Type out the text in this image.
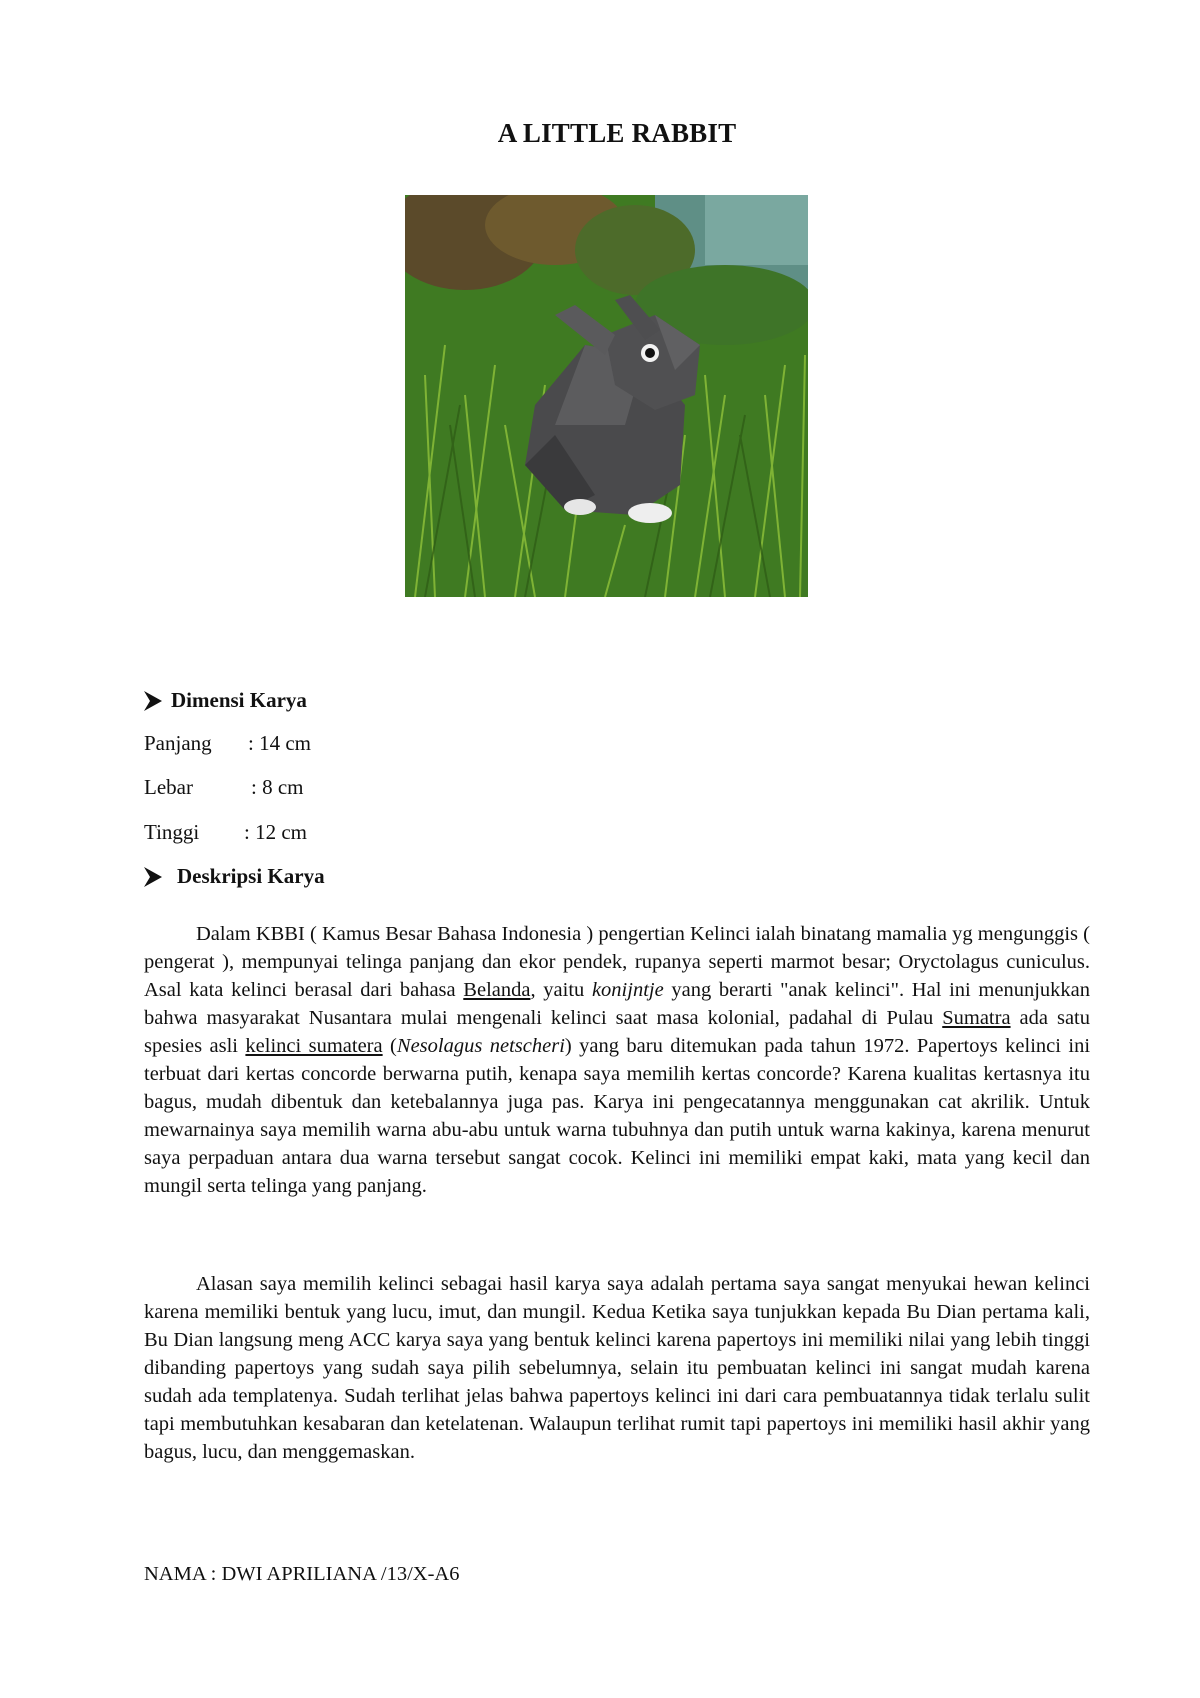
A LITTLE RABBIT
Dimensi Karya
Panjang : 14 cm
Lebar	: 8 cm
Tinggi : 12 cm
Deskripsi Karya

Dalam KBBI ( Kamus Besar Bahasa Indonesia ) pengertian Kelinci ialah binatang mamalia yg mengunggis ( pengerat ), mempunyai telinga panjang dan ekor pendek, rupanya seperti marmot besar; Oryctolagus cuniculus. Asal kata kelinci berasal dari bahasa Belanda, yaitu konijntje yang berarti "anak kelinci". Hal ini menunjukkan bahwa masyarakat Nusantara mulai mengenali kelinci saat masa kolonial, padahal di Pulau Sumatra ada satu spesies asli kelinci sumatera (Nesolagus netscheri) yang baru ditemukan pada tahun 1972. Papertoys kelinci ini terbuat dari kertas concorde berwarna putih, kenapa saya memilih kertas concorde? Karena kualitas kertasnya itu bagus, mudah dibentuk dan ketebalannya juga pas. Karya ini pengecatannya menggunakan cat akrilik. Untuk mewarnainya saya memilih warna abu-abu untuk warna tubuhnya dan putih untuk warna kakinya, karena menurut saya perpaduan antara dua warna tersebut sangat cocok. Kelinci ini memiliki empat kaki, mata yang kecil dan mungil serta telinga yang panjang.

Alasan saya memilih kelinci sebagai hasil karya saya adalah pertama saya sangat menyukai hewan kelinci karena memiliki bentuk yang lucu, imut, dan mungil. Kedua Ketika saya tunjukkan kepada Bu Dian pertama kali, Bu Dian langsung meng ACC karya saya yang bentuk kelinci karena papertoys ini memiliki nilai yang lebih tinggi dibanding papertoys yang sudah saya pilih sebelumnya, selain itu pembuatan kelinci ini sangat mudah karena sudah ada templatenya. Sudah terlihat jelas bahwa papertoys kelinci ini dari cara pembuatannya tidak terlalu sulit tapi membutuhkan kesabaran dan ketelatenan. Walaupun terlihat rumit tapi papertoys ini memiliki hasil akhir yang bagus, lucu, dan menggemaskan.

NAMA : DWI APRILIANA /13/X-A6
